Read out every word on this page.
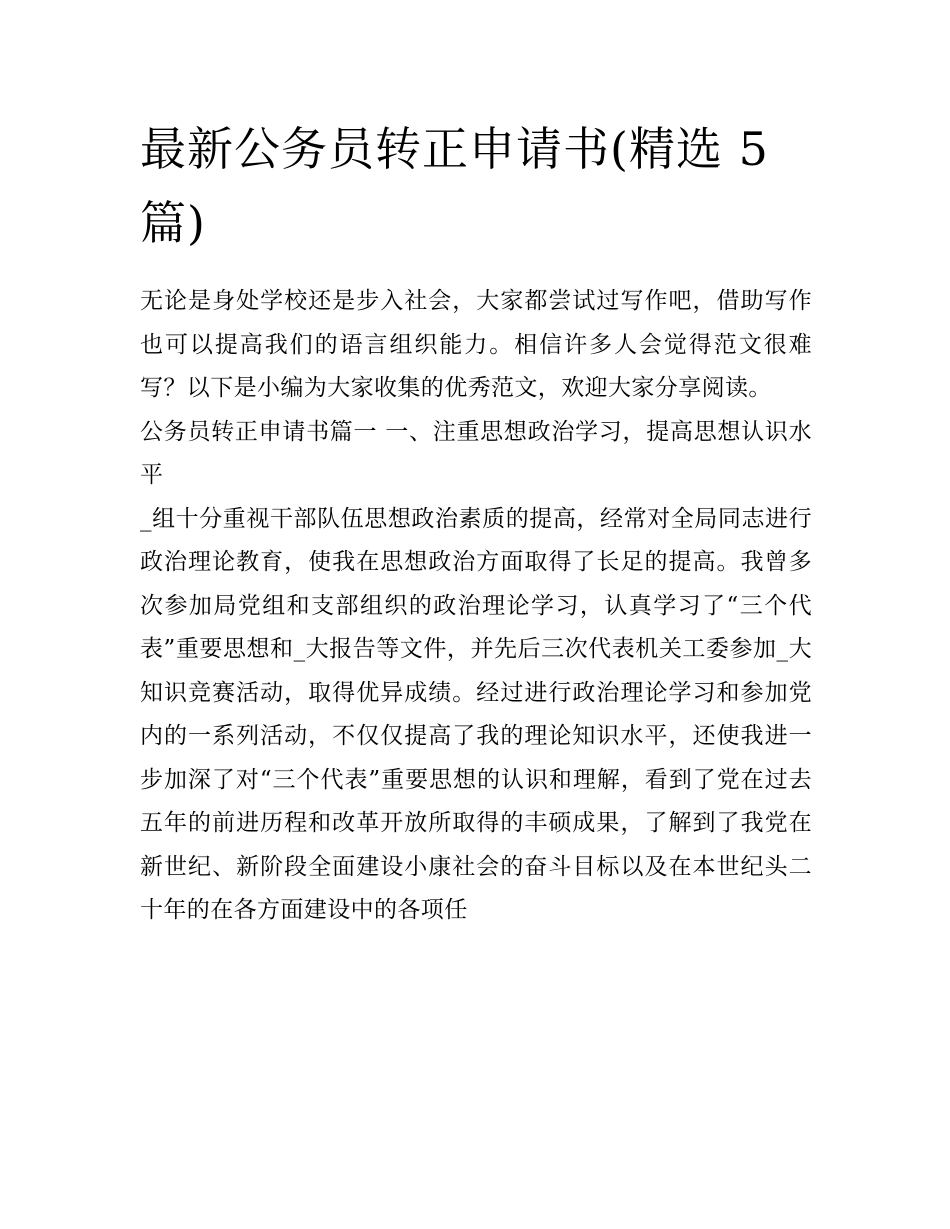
最新公务员转正申请书(精选 5 篇)

无论是身处学校还是步入社会，大家都尝试过写作吧，借助写作也可以提高我们的语言组织能力。相信许多人会觉得范文很难写？以下是小编为大家收集的优秀范文，欢迎大家分享阅读。

公务员转正申请书篇一 一、注重思想政治学习，提高思想认识水平

_组十分重视干部队伍思想政治素质的提高，经常对全局同志进行政治理论教育，使我在思想政治方面取得了长足的提高。我曾多次参加局党组和支部组织的政治理论学习，认真学习了“三个代表”重要思想和_大报告等文件，并先后三次代表机关工委参加_大知识竞赛活动，取得优异成绩。经过进行政治理论学习和参加党内的一系列活动，不仅仅提高了我的理论知识水平，还使我进一步加深了对“三个代表”重要思想的认识和理解，看到了党在过去五年的前进历程和改革开放所取得的丰硕成果，了解到了我党在新世纪、新阶段全面建设小康社会的奋斗目标以及在本世纪头二十年的在各方面建设中的各项任
